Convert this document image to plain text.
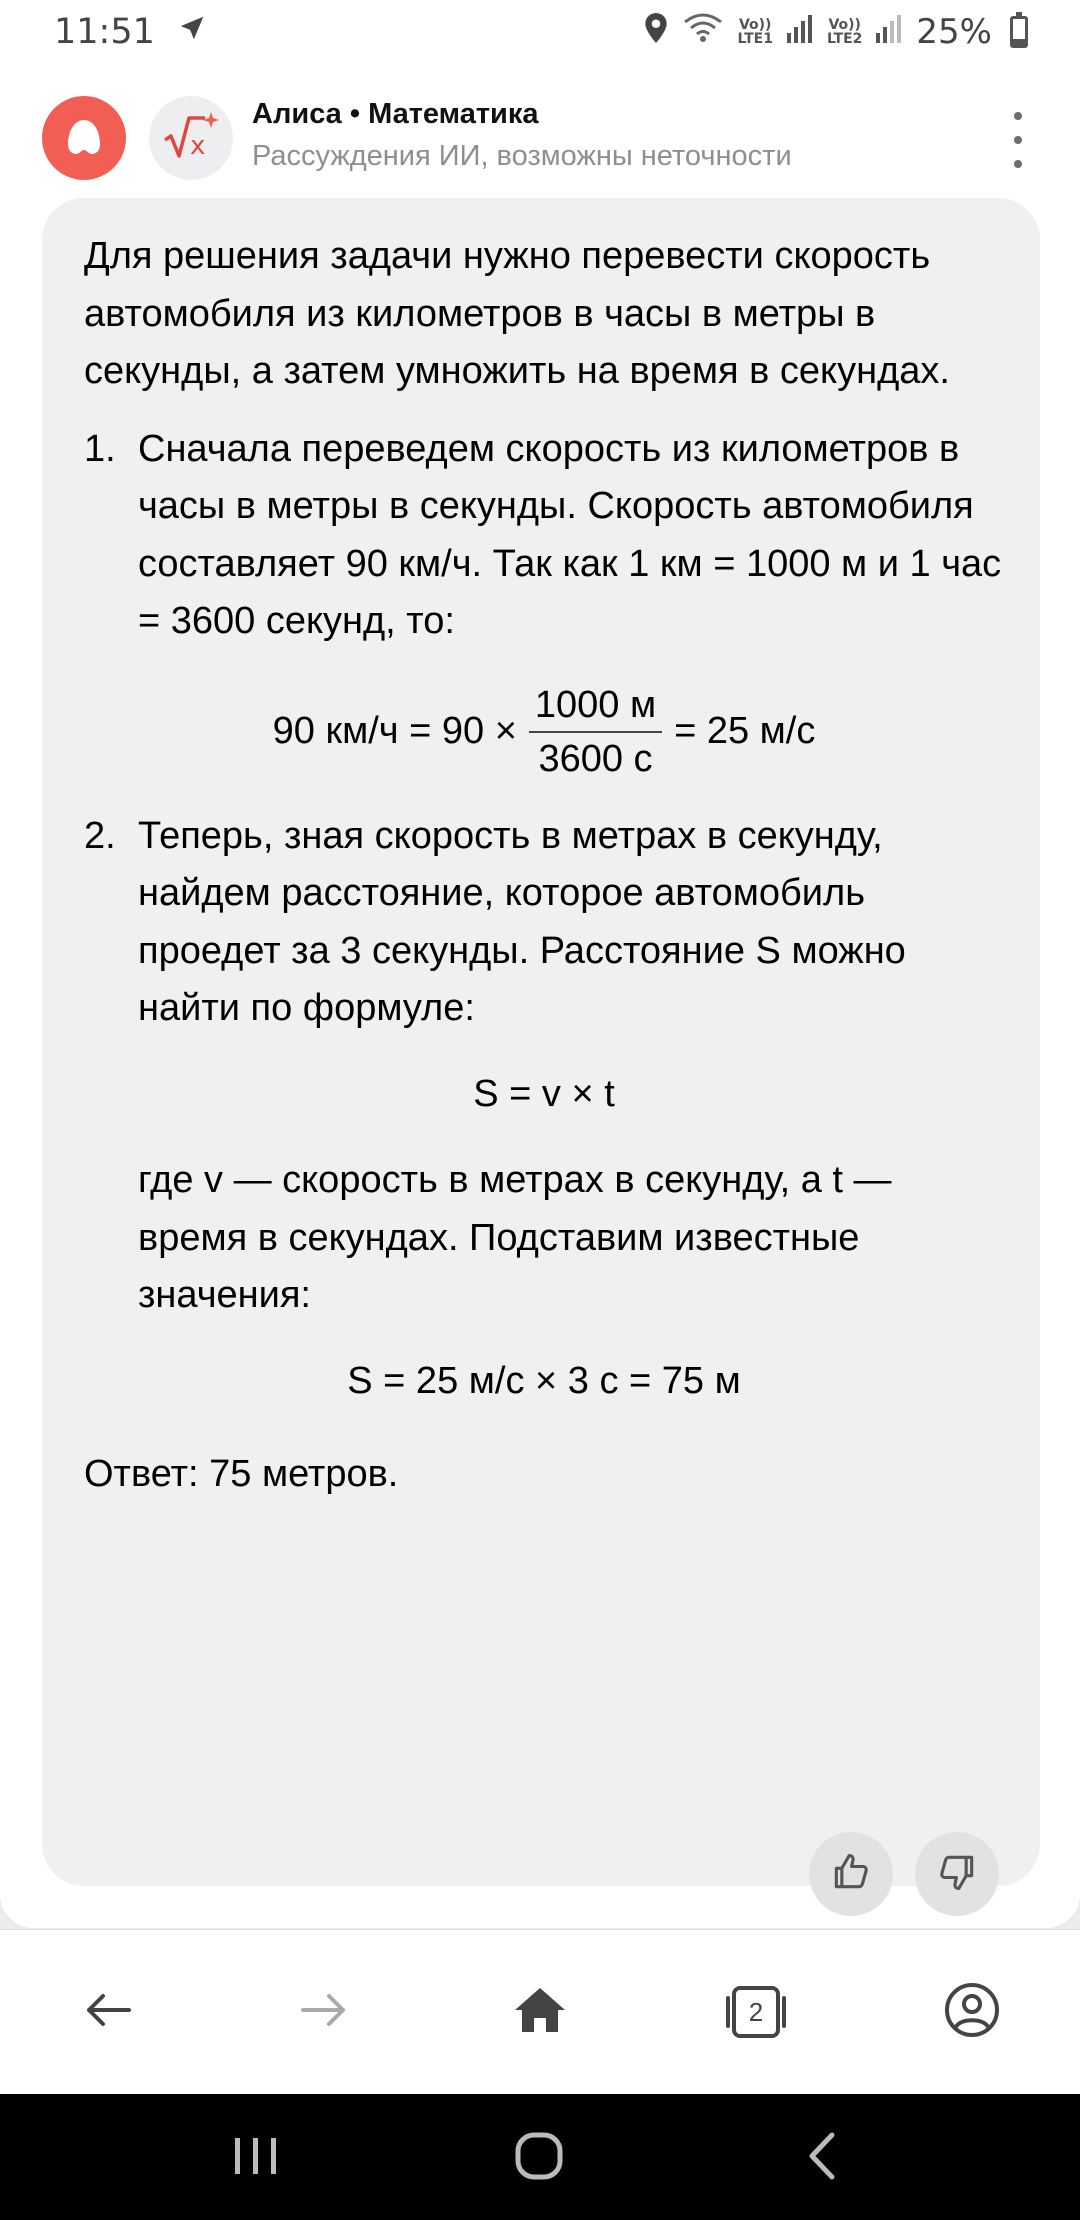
11:51	Vo))
LTE1
Vo))
LTE2 25%
x
Алиса • Математика
Рассуждения ИИ, возможны неточности

Для решения задачи нужно перевести скорость автомобиля из километров в часы в метры в секунды, а затем умножить на время в секундах.

1. Сначала переведем скорость из километров в часы в метры в секунды. Скорость автомобиля составляет 90 км/ч. Так как 1 км = 1000 м и 1 час = 3600 секунд, то:
90 $км/ч = 90 \times \frac{1000 м}{3600 с} = 25$ м/с
2. Теперь, зная скорость в метрах в секунду, найдем расстояние, которое автомобиль проедет за 3 секунды. Расстояние S можно найти по формуле:
S = v × t
где v — скорость в метрах в секунду, а t — время в секундах. Подставим известные значения:
S = 25 м/с × 3 с = 75 м

Ответ: 75 метров.

2
